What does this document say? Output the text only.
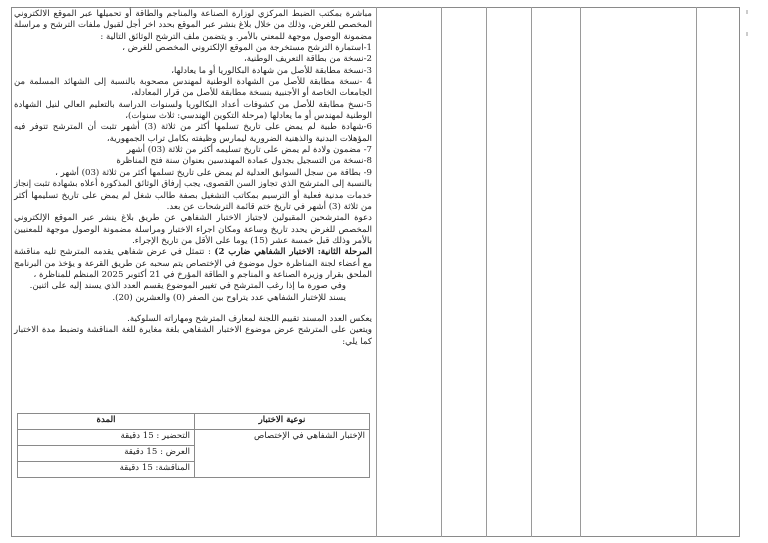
مباشرة بمكتب الضبط المركزي لوزارة الصناعة والمناجم والطاقة أو تحميلها عبر الموقع الالكتروني المخصص للغرض، وذلك من خلال بلاغ بنشر عبر الموقع بحدد اخر أجل لقبول ملفات الترشح و مراسلة مضمونة الوصول موجهة للمعني بالأمر. و يتضمن ملف الترشح الوثائق التالية :

1-استمارة الترشح مستخرجة من الموقع الإلكتروني المخصص للغرض ،

2-نسخة من بطاقة التعريف الوطنية،

3-نسخة مطابقة للأصل من شهادة البكالوريا أو ما يعادلها،

4 -نسخة مطابقة للأصل من الشهادة الوطنية لمهندس مصحوبة بالنسبة إلى الشهائد المسلمة من الجامعات الخاصة أو الأجنبية بنسخة مطابقة للأصل من قرار المعادلة،

5-نسخ مطابقة للأصل من كشوفات أعداد البكالوريا ولسنوات الدراسة بالتعليم العالي لنيل الشهادة الوطنية لمهندس أو ما يعادلها (مرحلة التكوين الهندسي: ثلاث سنوات)،

6-شهادة طبية لم يمض على تاريخ تسلمها أكثر من ثلاثة (3) أشهر تثبت أن المترشح تتوفر فيه المؤهلات البدنية والذهنية الضرورية ليمارس وظيفته بكامل تراب الجمهورية،

7- مضمون ولادة لم يمض على تاريخ تسليمه أكثر من ثلاثة (03) أشهر

8-نسخة من التسجيل بجدول عمادة المهندسين بعنوان سنة فتح المناظرة

9- بطاقة من سجل السوابق العدلية لم يمض على تاريخ تسلمها أكثر من ثلاثة (03) أشهر ،

بالنسبة إلى المترشح الذي تجاوز السن القصوى، يجب إرفاق الوثائق المذكورة أعلاه بشهادة تثبت إنجاز خدمات مدنية فعلية أو الترسيم بمكاتب التشغيل بصفة طالب شغل لم يمض على تاريخ تسليمها أكثر من ثلاثة (3) أشهر في تاريخ ختم قائمة الترشحات عن بعد.

دعوة المترشحين المقبولين لاجتياز الاختبار الشفاهي عن طريق بلاغ ينشر عبر الموقع الإلكتروني المخصص للغرض يحدد تاريخ وساعة ومكان اجراء الاختبار ومراسلة مضمونة الوصول موجهة للمعنيين بالأمر وذلك قبل خمسة عشر (15) يوما على الأقل من تاريخ الإجراء.

المرحلة الثانية: الاختبار الشفاهي ضارب 2) : تتمثل في عرض شفاهي يقدمه المترشح تليه مناقشة مع أعضاء لجنة المناظرة حول موضوع في الإختصاص يتم سحبه عن طريق القرعة و يؤخذ من البرنامج الملحق بقرار وزيرة الصناعة و المناجم و الطاقة المؤرخ في 21 أكتوبر 2025 المنظم للمناظرة ،

وفي صورة ما إذا رغب المترشح في تغيير الموضوع يقسم العدد الذي يسند إليه على اثنين.

يسند للإختبار الشفاهي عدد يتراوح بين الصفر (0) والعشرين (20).

يعكس العدد المسند تقييم اللجنة لمعارف المترشح ومهاراته السلوكية.

ويتعين على المترشح عرض موضوع الاختبار الشفاهي بلغة مغايرة للغة المناقشة وتضبط مدة الاختبار كما يلي:

نوعية الاختبار	المدة
الإختبار الشفاهي في الإختصاص	التحضير : 15 دقيقة
	العرض : 15 دقيقة
	المناقشة: 15 دقيقة
